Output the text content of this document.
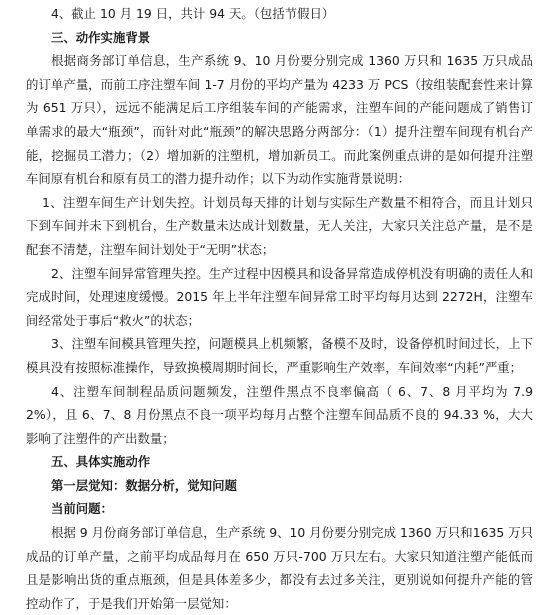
4、截止 10 月 19 日，共计 94 天。（包括节假日）

三、动作实施背景

根据商务部订单信息，生产系统 9、10 月份要分别完成 1360 万只和 1635 万只成品的订单产量，而前工序注塑车间 1-7 月份的平均产量为 4233 万 PCS（按组装配套性来计算为 651 万只），远远不能满足后工序组装车间的产能需求，注塑车间的产能问题成了销售订单需求的最大“瓶颈”，而针对此“瓶颈”的解决思路分两部分：（1）提升注塑车间现有机台产能，挖掘员工潜力；（2）增加新的注塑机，增加新员工。而此案例重点讲的是如何提升注塑车间原有机台和原有员工的潜力提升动作；以下为动作实施背景说明：

1、注塑车间生产计划失控。计划员每天排的计划与实际生产数量不相符合，而且计划只下到车间并未下到机台，生产数量未达成计划数量，无人关注，大家只关注总产量，是不是配套不清楚，注塑车间计划处于“无明”状态；

2、注塑车间异常管理失控。生产过程中因模具和设备异常造成停机没有明确的责任人和完成时间，处理速度缓慢。2015 年上半年注塑车间异常工时平均每月达到 2272H，注塑车间经常处于事后“救火”的状态；

3、注塑车间模具管理失控，问题模具上机频繁，备模不及时，设备停机时间过长，上下模具没有按照标准操作，导致换模周期时间长，严重影响生产效率，车间效率“内耗”严重；

4、注塑车间制程品质问题频发，注塑件黑点不良率偏高（ 6、7、8 月平均为 7.92%），且 6、7、8 月份黑点不良一项平均每月占整个注塑车间品质不良的 94.33 %，大大影响了注塑件的产出数量；

五、具体实施动作

第一层觉知：数据分析，觉知问题

当前问题：

根据 9 月份商务部订单信息，生产系统 9、10 月份要分别完成 1360 万只和1635 万只成品的订单产量，之前平均成品每月在 650 万只-700 万只左右。大家只知道注塑产能低而且是影响出货的重点瓶颈，但是具体差多少，都没有去过多关注，更别说如何提升产能的管控动作了，于是我们开始第一层觉知：
